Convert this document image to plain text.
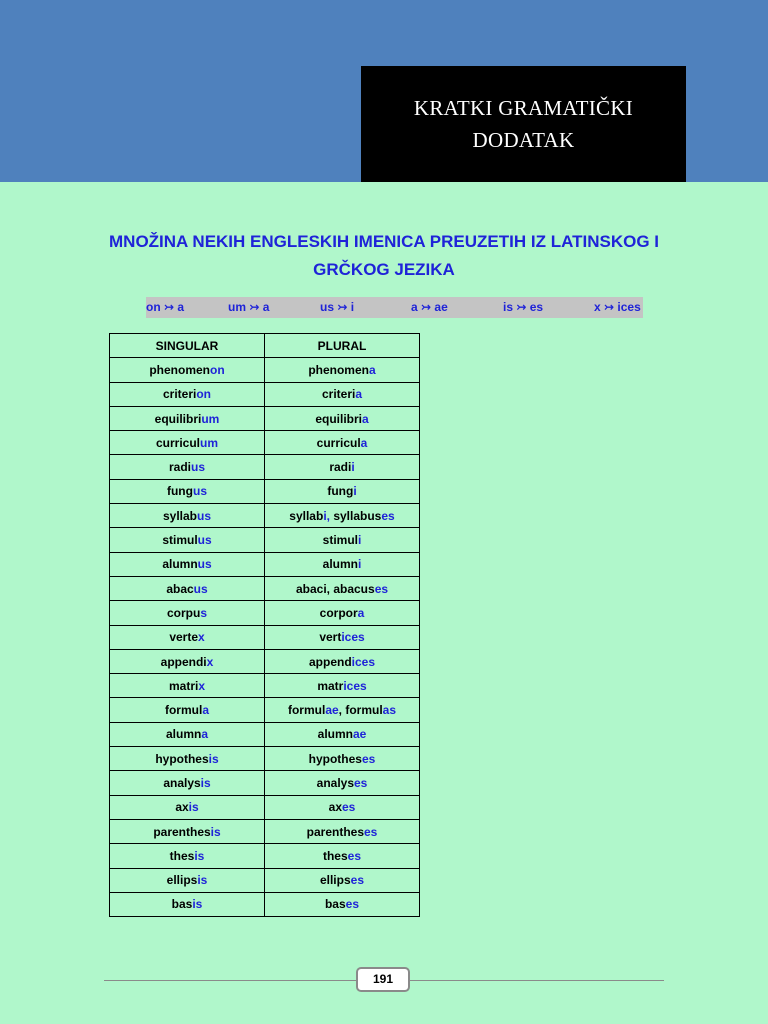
KRATKI GRAMATIČKI
DODATAK
MNOŽINA NEKIH ENGLESKIH IMENICA PREUZETIH IZ LATINSKOG I
GRČKOG JEZIKA
on ↣ a	um ↣ a	us ↣ i	a ↣ ae	is ↣ es	x ↣ ices
SINGULAR	PLURAL
phenomenon	phenomena
criterion	criteria
equilibrium	equilibria
curriculum	curricula
radius	radii
fungus	fungi
syllabus	syllabi, syllabuses
stimulus	stimuli
alumnus	alumni
abacus	abaci, abacuses
corpus	corpora
vertex	vertices
appendix	appendices
matrix	matrices
formula	formulae, formulas
alumna	alumnae
hypothesis	hypotheses
analysis	analyses
axis	axes
parenthesis	parentheses
thesis	theses
ellipsis	ellipses
basis	bases
191
